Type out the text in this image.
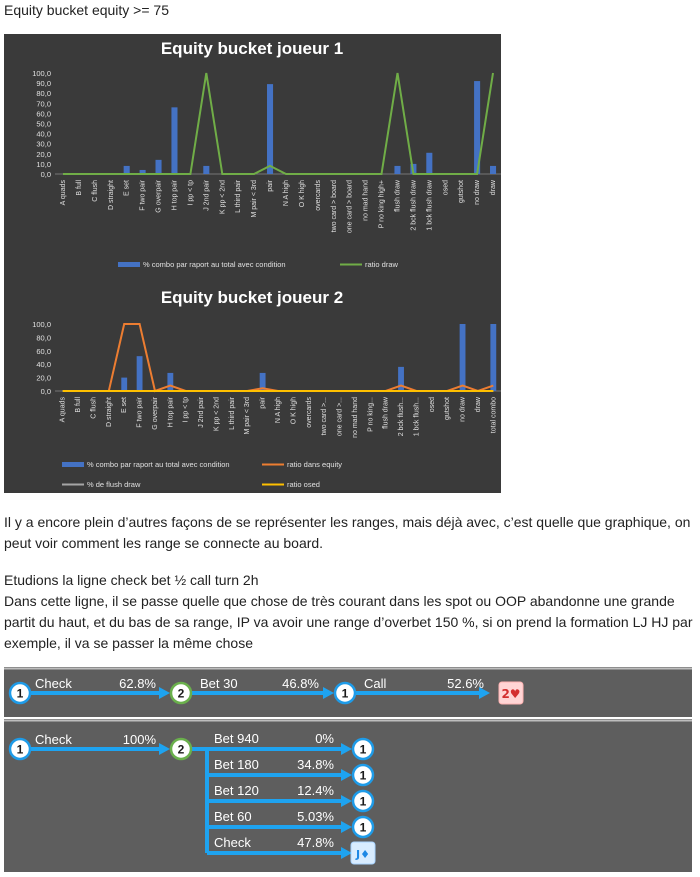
Equity bucket equity >= 75
Equity bucket joueur 1
100,0
90,0
80,0
70,0
60,0
50,0
40,0
30,0
20,0
10,0
0,0
A quads B full C flush D straight E set F two pair G overpair H top pair I pp < tp J 2nd pair K pp < 2nd L third pair M pair < 3rd pair N A high O K high overcards two card > board one card > board no mad hand P no king high+ flush draw 2 bck flush draw 1 bck flush draw osed gutshot no draw draw
% combo par raport au total avec condition	ratio draw
Equity bucket joueur 2
100,0
80,0
60,0
40,0
20,0
0,0
A quads B full C flush D straight E set F two pair G overpair H top pair I pp < tp J 2nd pair K pp < 2nd L third pair M pair < 3rd pair N A high O K high overcards two card >... one card >... no mad hand P no king... flush draw 2 bck flush... 1 bck flush... osed gutshot no draw draw total combo
% combo par raport au total avec condition	ratio dans equity
% de flush draw	ratio osed
Il y a encore plein d’autres façons de se représenter les ranges, mais déjà avec, c’est quelle que graphique, on peut voir comment les range se connecte au board.
Etudions la ligne check bet ½ call turn 2h
Dans cette ligne, il se passe quelle que chose de très courant dans les spot ou OOP abandonne une grande partit du haut, et du bas de sa range, IP va avoir une range d’overbet 150 %, si on prend la formation LJ HJ par exemple, il va se passer la même chose
Check	62.8%	Bet 30	46.8%	Call	52.6%
1	2	1	2♥
Check	100%
1
Bet 940	0%
1
Bet 180	34.8%
1
Bet 120	12.4%
1
Bet 60	5.03%
1
Check	47.8%
J♦
2
